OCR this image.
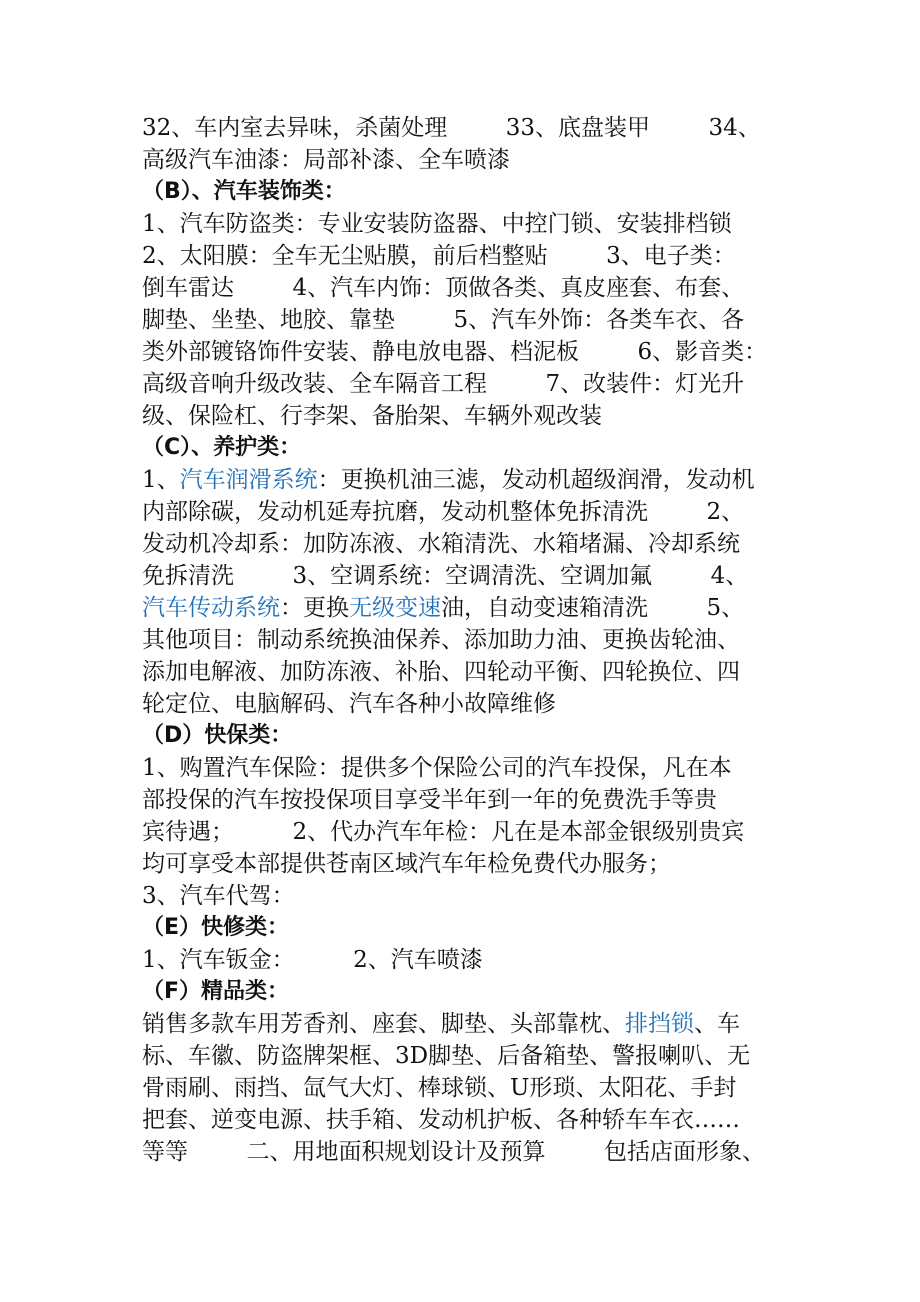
32、车内室去异味，杀菌处理        33、底盘装甲        34、
高级汽车油漆：局部补漆、全车喷漆
（B）、汽车装饰类：
1、汽车防盗类：专业安装防盗器、中控门锁、安装排档锁
2、太阳膜：全车无尘贴膜，前后档整贴        3、电子类：
倒车雷达        4、汽车内饰：顶做各类、真皮座套、布套、
脚垫、坐垫、地胶、靠垫        5、汽车外饰：各类车衣、各
类外部镀铬饰件安装、静电放电器、档泥板        6、影音类：
高级音响升级改装、全车隔音工程        7、改装件：灯光升
级、保险杠、行李架、备胎架、车辆外观改装
（C）、养护类：
1、汽车润滑系统：更换机油三滤，发动机超级润滑，发动机
内部除碳，发动机延寿抗磨，发动机整体免拆清洗        2、
发动机冷却系：加防冻液、水箱清洗、水箱堵漏、冷却系统
免拆清洗        3、空调系统：空调清洗、空调加氟        4、
汽车传动系统：更换无级变速油，自动变速箱清洗        5、
其他项目：制动系统换油保养、添加助力油、更换齿轮油、
添加电解液、加防冻液、补胎、四轮动平衡、四轮换位、四
轮定位、电脑解码、汽车各种小故障维修
（D）快保类：
1、购置汽车保险：提供多个保险公司的汽车投保，凡在本
部投保的汽车按投保项目享受半年到一年的免费洗手等贵
宾待遇；        2、代办汽车年检：凡在是本部金银级别贵宾
均可享受本部提供苍南区域汽车年检免费代办服务；
3、汽车代驾：
（E）快修类：
1、汽车钣金：        2、汽车喷漆
（F）精品类：
销售多款车用芳香剂、座套、脚垫、头部靠枕、排挡锁、车
标、车徽、防盗牌架框、3D脚垫、后备箱垫、警报喇叭、无
骨雨刷、雨挡、氙气大灯、棒球锁、U形琐、太阳花、手封
把套、逆变电源、扶手箱、发动机护板、各种轿车车衣……
等等        二、用地面积规划设计及预算        包括店面形象、
